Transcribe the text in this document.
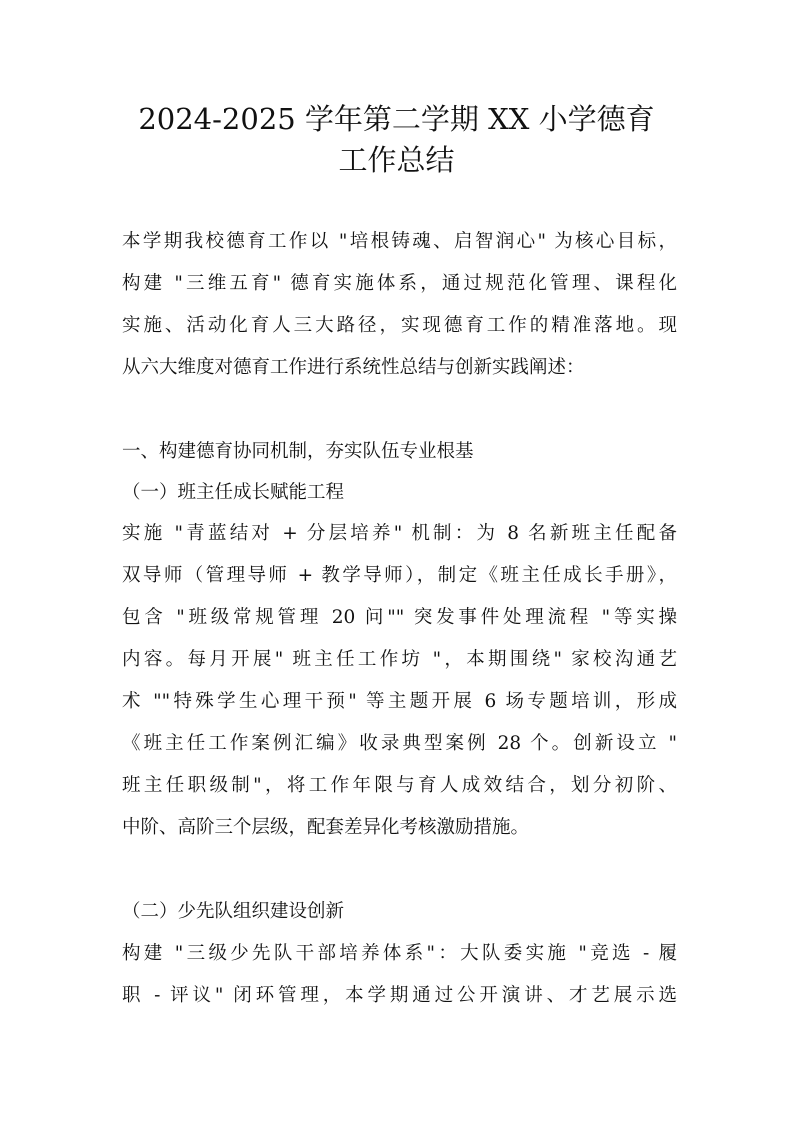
2024-2025 学年第二学期 XX 小学德育
工作总结
本学期我校德育工作以 "培根铸魂、启智润心" 为核心目标，
构建 "三维五育" 德育实施体系，通过规范化管理、课程化
实施、活动化育人三大路径，实现德育工作的精准落地。现
从六大维度对德育工作进行系统性总结与创新实践阐述：
一、构建德育协同机制，夯实队伍专业根基
（一）班主任成长赋能工程
实施 "青蓝结对 + 分层培养" 机制：为 8 名新班主任配备
双导师（管理导师 + 教学导师），制定《班主任成长手册》，
包含 "班级常规管理 20 问"" 突发事件处理流程 "等实操
内容。每月开展" 班主任工作坊 "，本期围绕" 家校沟通艺
术 ""特殊学生心理干预" 等主题开展 6 场专题培训，形成
《班主任工作案例汇编》收录典型案例 28 个。创新设立 "
班主任职级制"，将工作年限与育人成效结合，划分初阶、
中阶、高阶三个层级，配套差异化考核激励措施。
（二）少先队组织建设创新
构建 "三级少先队干部培养体系"：大队委实施 "竞选 - 履
职 - 评议" 闭环管理，本学期通过公开演讲、才艺展示选
